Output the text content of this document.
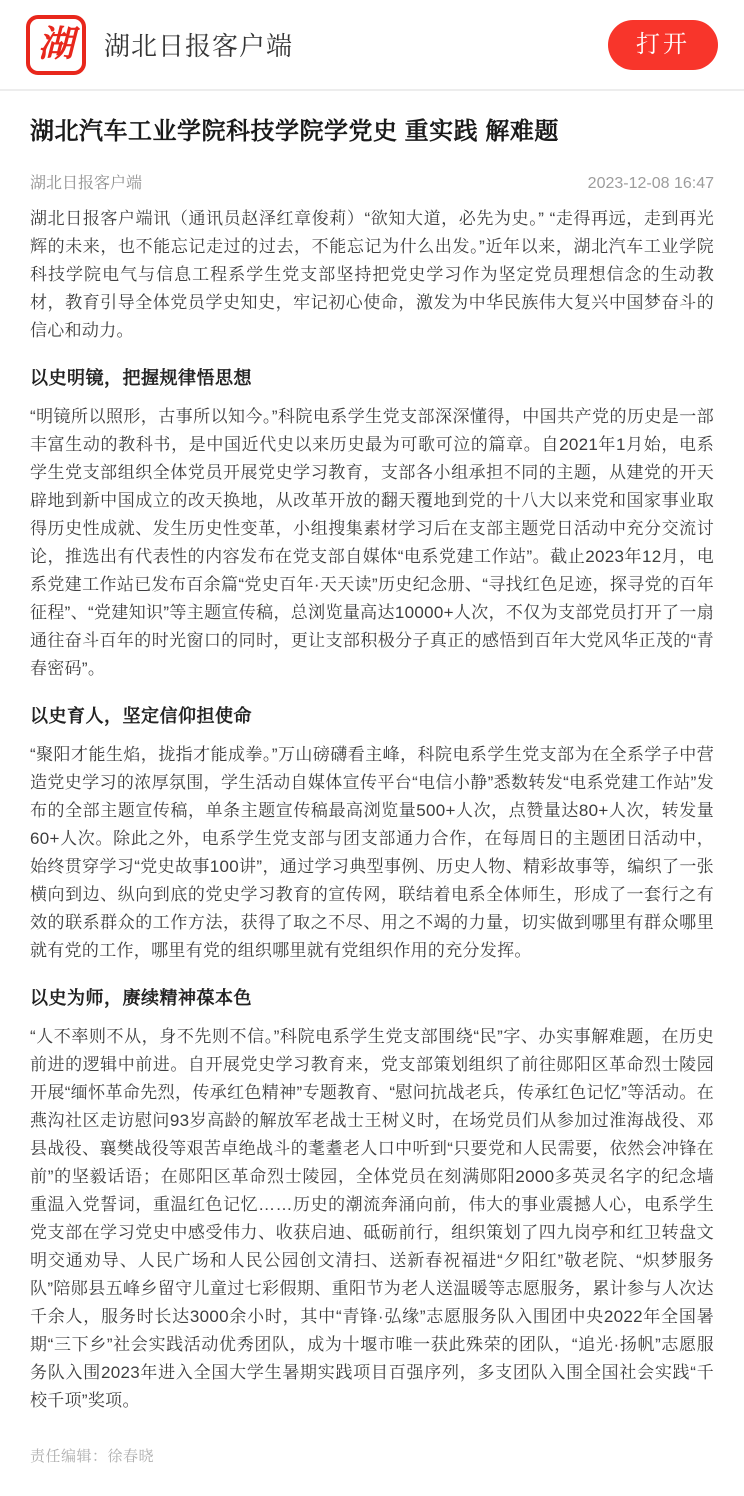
湖 湖北日报客户端	打开
湖北汽车工业学院科技学院学党史 重实践 解难题
湖北日报客户端	2023-12-08 16:47

湖北日报客户端讯（通讯员赵泽红章俊莉）“欲知大道，必先为史。” “走得再远，走到再光辉的未来，也不能忘记走过的过去，不能忘记为什么出发。”近年以来，湖北汽车工业学院科技学院电气与信息工程系学生党支部坚持把党史学习作为坚定党员理想信念的生动教材，教育引导全体党员学史知史，牢记初心使命，激发为中华民族伟大复兴中国梦奋斗的信心和动力。

以史明镜，把握规律悟思想

“明镜所以照形，古事所以知今。”科院电系学生党支部深深懂得，中国共产党的历史是一部丰富生动的教科书，是中国近代史以来历史最为可歌可泣的篇章。自2021年1月始，电系学生党支部组织全体党员开展党史学习教育，支部各小组承担不同的主题，从建党的开天辟地到新中国成立的改天换地，从改革开放的翻天覆地到党的十八大以来党和国家事业取得历史性成就、发生历史性变革，小组搜集素材学习后在支部主题党日活动中充分交流讨论，推选出有代表性的内容发布在党支部自媒体“电系党建工作站”。截止2023年12月，电系党建工作站已发布百余篇“党史百年·天天读”历史纪念册、“寻找红色足迹，探寻党的百年征程”、“党建知识”等主题宣传稿，总浏览量高达10000+人次，不仅为支部党员打开了一扇通往奋斗百年的时光窗口的同时，更让支部积极分子真正的感悟到百年大党风华正茂的“青春密码”。

以史育人，坚定信仰担使命

“聚阳才能生焰，拢指才能成拳。”万山磅礴看主峰，科院电系学生党支部为在全系学子中营造党史学习的浓厚氛围，学生活动自媒体宣传平台“电信小静”悉数转发“电系党建工作站”发布的全部主题宣传稿，单条主题宣传稿最高浏览量500+人次，点赞量达80+人次，转发量60+人次。除此之外，电系学生党支部与团支部通力合作，在每周日的主题团日活动中，始终贯穿学习“党史故事100讲”，通过学习典型事例、历史人物、精彩故事等，编织了一张横向到边、纵向到底的党史学习教育的宣传网，联结着电系全体师生，形成了一套行之有效的联系群众的工作方法，获得了取之不尽、用之不竭的力量，切实做到哪里有群众哪里就有党的工作，哪里有党的组织哪里就有党组织作用的充分发挥。

以史为师，赓续精神葆本色

“人不率则不从，身不先则不信。”科院电系学生党支部围绕“民”字、办实事解难题，在历史前进的逻辑中前进。自开展党史学习教育来，党支部策划组织了前往郧阳区革命烈士陵园开展“缅怀革命先烈，传承红色精神”专题教育、“慰问抗战老兵，传承红色记忆”等活动。在燕沟社区走访慰问93岁高龄的解放军老战士王树义时，在场党员们从参加过淮海战役、邓县战役、襄樊战役等艰苦卓绝战斗的耄耋老人口中听到“只要党和人民需要，依然会冲锋在前”的坚毅话语；在郧阳区革命烈士陵园，全体党员在刻满郧阳2000多英灵名字的纪念墙重温入党誓词，重温红色记忆……历史的潮流奔涌向前，伟大的事业震撼人心，电系学生党支部在学习党史中感受伟力、收获启迪、砥砺前行，组织策划了四九岗亭和红卫转盘文明交通劝导、人民广场和人民公园创文清扫、送新春祝福进“夕阳红”敬老院、“炽梦服务队”陪郧县五峰乡留守儿童过七彩假期、重阳节为老人送温暖等志愿服务，累计参与人次达千余人，服务时长达3000余小时，其中“青锋·弘缘”志愿服务队入围团中央2022年全国暑期“三下乡”社会实践活动优秀团队，成为十堰市唯一获此殊荣的团队，“追光·扬帆”志愿服务队入围2023年进入全国大学生暑期实践项目百强序列，多支团队入围全国社会实践“千校千项”奖项。

责任编辑：徐春晓
